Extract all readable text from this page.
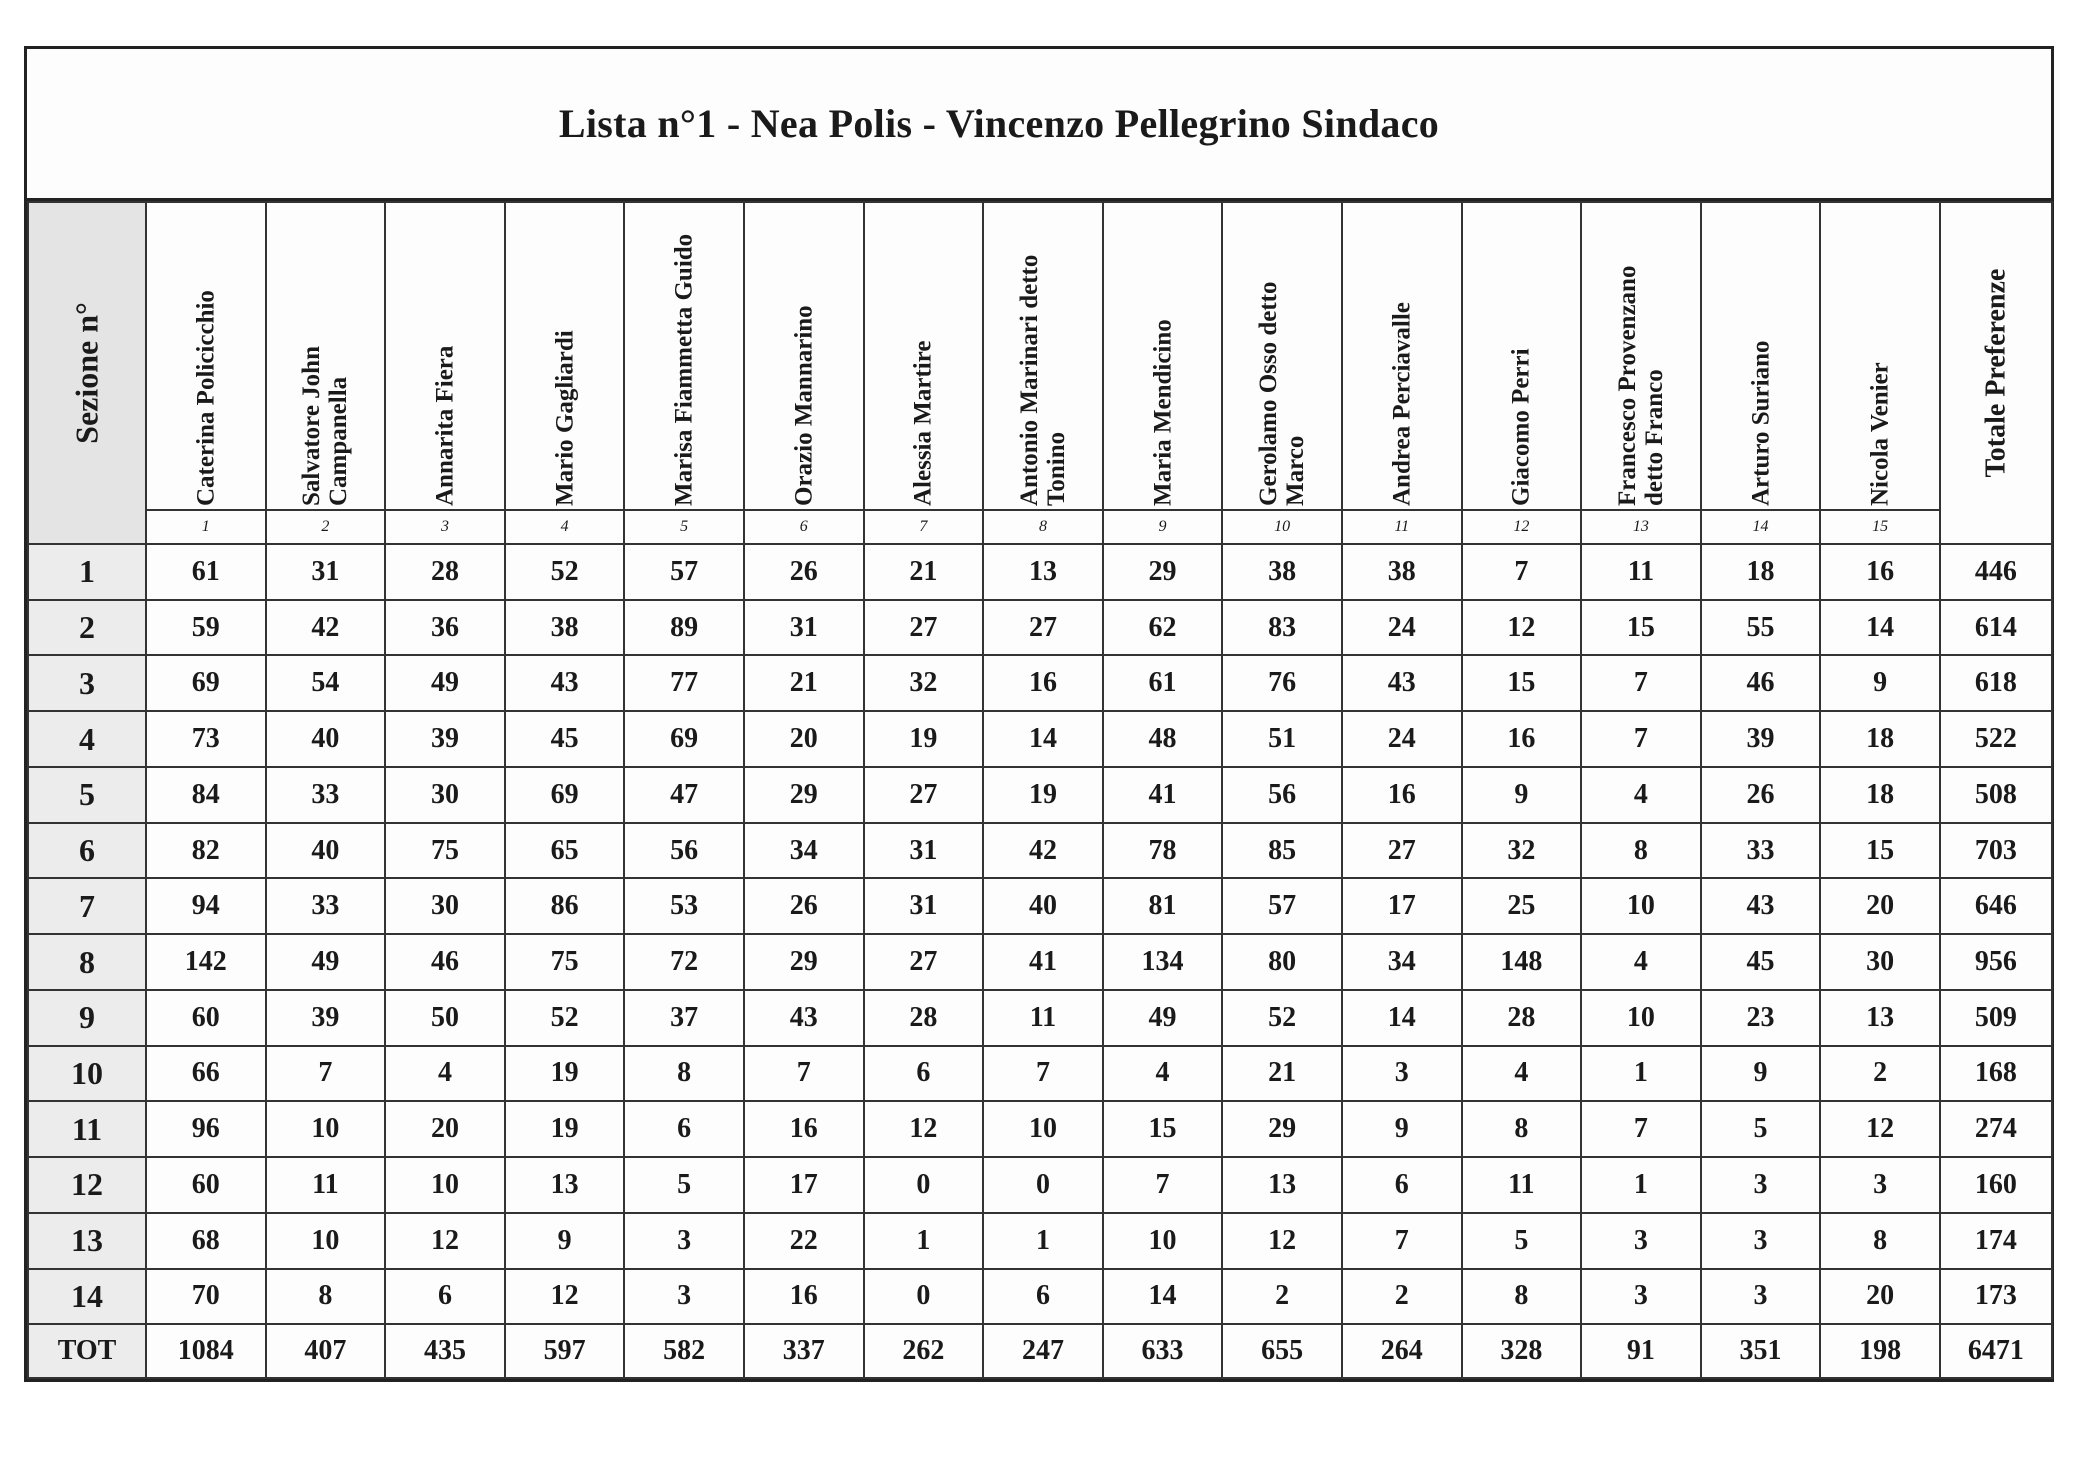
Lista n°1 - Nea Polis - Vincenzo Pellegrino Sindaco
Sezione n°	Caterina Policicchio	Salvatore John Campanella	Annarita Fiera	Mario Gagliardi	Marisa Fiammetta Guido	Orazio Mannarino	Alessia Martire	Antonio Marinari detto Tonino	Maria Mendicino	Gerolamo Osso detto Marco	Andrea Perciavalle	Giacomo Perri	Francesco Provenzano detto Franco	Arturo Suriano	Nicola Venier	Totale Preferenze

	1	2	3	4	5	6	7	8	9	10	11	12	13	14	15	
1	61	31	28	52	57	26	21	13	29	38	38	7	11	18	16	446
2	59	42	36	38	89	31	27	27	62	83	24	12	15	55	14	614
3	69	54	49	43	77	21	32	16	61	76	43	15	7	46	9	618
4	73	40	39	45	69	20	19	14	48	51	24	16	7	39	18	522
5	84	33	30	69	47	29	27	19	41	56	16	9	4	26	18	508
6	82	40	75	65	56	34	31	42	78	85	27	32	8	33	15	703
7	94	33	30	86	53	26	31	40	81	57	17	25	10	43	20	646
8	142	49	46	75	72	29	27	41	134	80	34	148	4	45	30	956
9	60	39	50	52	37	43	28	11	49	52	14	28	10	23	13	509
10	66	7	4	19	8	7	6	7	4	21	3	4	1	9	2	168
11	96	10	20	19	6	16	12	10	15	29	9	8	7	5	12	274
12	60	11	10	13	5	17	0	0	7	13	6	11	1	3	3	160
13	68	10	12	9	3	22	1	1	10	12	7	5	3	3	8	174
14	70	8	6	12	3	16	0	6	14	2	2	8	3	3	20	173
TOT	1084	407	435	597	582	337	262	247	633	655	264	328	91	351	198	6471
